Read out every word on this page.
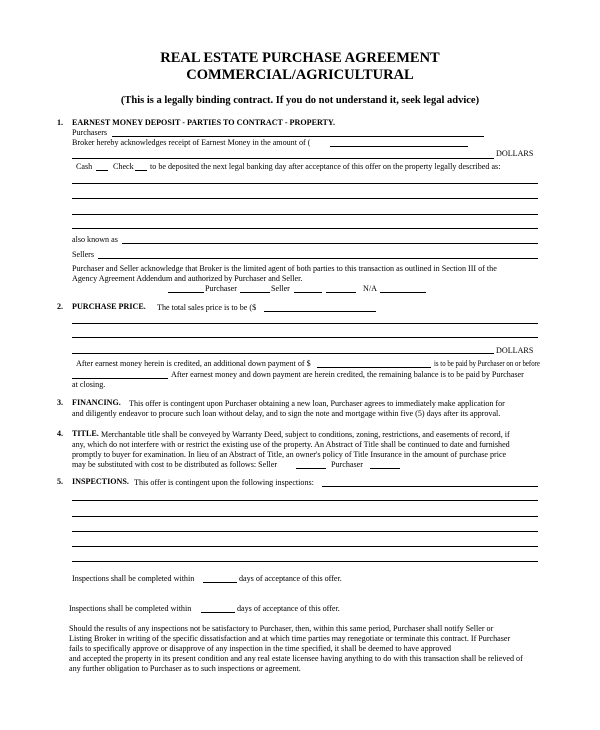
REAL ESTATE PURCHASE AGREEMENT
COMMERCIAL/AGRICULTURAL
(This is a legally binding contract. If you do not understand it, seek legal advice)
1. EARNEST MONEY DEPOSIT - PARTIES TO CONTRACT - PROPERTY.
Purchasers
Broker hereby acknowledges receipt of Earnest Money in the amount of (
DOLLARS
Cash	Check to be deposited the next legal banking day after acceptance of this offer on the property legally described as:
also known as
Sellers
Purchaser and Seller acknowledge that Broker is the limited agent of both parties to this transaction as outlined in Section III of the
Agency Agreement Addendum and authorized by Purchaser and Seller.
Purchaser	Seller	N/A
2. PURCHASE PRICE. The total sales price is to be ($
DOLLARS
After earnest money herein is credited, an additional down payment of $	is to be paid by Purchaser on or before
After earnest money and down payment are herein credited, the remaining balance is to be paid by Purchaser
at closing.
3. FINANCING. This offer is contingent upon Purchaser obtaining a new loan, Purchaser agrees to immediately make application for
and diligently endeavor to procure such loan without delay, and to sign the note and mortgage within five (5) days after its approval.
4. TITLE. Merchantable title shall be conveyed by Warranty Deed, subject to conditions, zoning, restrictions, and easements of record, if
any, which do not interfere with or restrict the existing use of the property. An Abstract of Title shall be continued to date and furnished
promptly to buyer for examination. In lieu of an Abstract of Title, an owner's policy of Title Insurance in the amount of purchase price
may be substituted with cost to be distributed as follows: Seller	Purchaser
5. INSPECTIONS. This offer is contingent upon the following inspections:
Inspections shall be completed within	days of acceptance of this offer.
Inspections shall be completed within	days of acceptance of this offer.
Should the results of any inspections not be satisfactory to Purchaser, then, within this same period, Purchaser shall notify Seller or
Listing Broker in writing of the specific dissatisfaction and at which time parties may renegotiate or terminate this contract. If Purchaser
fails to specifically approve or disapprove of any inspection in the time specified, it shall be deemed to have approved
and accepted the property in its present condition and any real estate licensee having anything to do with this transaction shall be relieved of
any further obligation to Purchaser as to such inspections or agreement.
